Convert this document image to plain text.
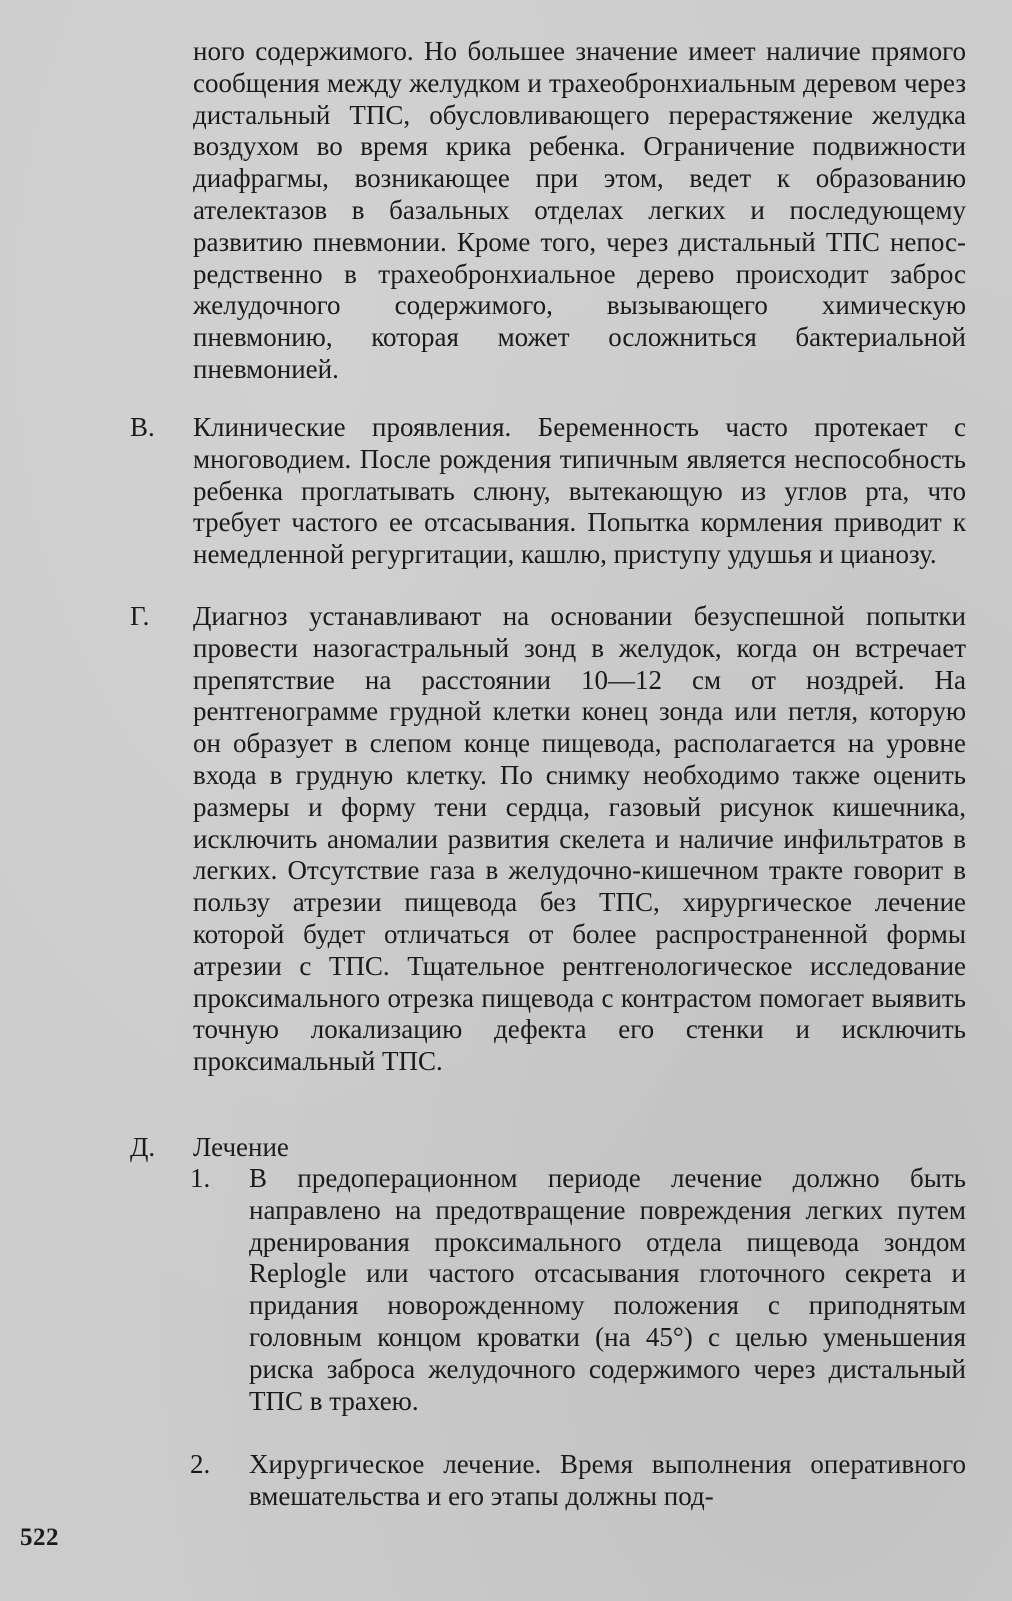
ного содержимого. Но большее значение имеет наличие прямого сообщения между желудком и трахеобронхиальным деревом через дистальный ТПС, обусловливающего перерастяжение желудка воздухом во время крика ребенка. Ограничение подвижности диафрагмы, возникающее при этом, ведет к образованию ателектазов в базальных отделах легких и последующему развитию пневмонии. Кроме того, через дистальный ТПС непосредственно в трахеобронхиальное дерево происходит заброс желудочного содержимого, вызывающего химическую пневмонию, которая может осложниться бактериальной пневмонией.
В. Клинические проявления. Беременность часто протекает с многоводием. После рождения типичным является неспособность ребенка проглатывать слюну, вытекающую из углов рта, что требует частого ее отсасывания. Попытка кормления приводит к немедленной регургитации, кашлю, приступу удушья и цианозу.
Г. Диагноз устанавливают на основании безуспешной попытки провести назогастральный зонд в желудок, когда он встречает препятствие на расстоянии 10—12 см от ноздрей. На рентгенограмме грудной клетки конец зонда или петля, которую он образует в слепом конце пищевода, располагается на уровне входа в грудную клетку. По снимку необходимо также оценить размеры и форму тени сердца, газовый рисунок кишечника, исключить аномалии развития скелета и наличие инфильтратов в легких. Отсутствие газа в желудочно-кишечном тракте говорит в пользу атрезии пищевода без ТПС, хирургическое лечение которой будет отличаться от более распространенной формы атрезии с ТПС. Тщательное рентгенологическое исследование проксимального отрезка пищевода с контрастом помогает выявить точную локализацию дефекта его стенки и исключить проксимальный ТПС.
Д. Лечение
1. В предоперационном периоде лечение должно быть направлено на предотвращение повреждения легких путем дренирования проксимального отдела пищевода зондом Replogle или частого отсасывания глоточного секрета и придания новорожденному положения с приподнятым головным концом кроватки (на 45°) с целью уменьшения риска заброса желудочного содержимого через дистальный ТПС в трахею.
2. Хирургическое лечение. Время выполнения оперативного вмешательства и его этапы должны под-
522
